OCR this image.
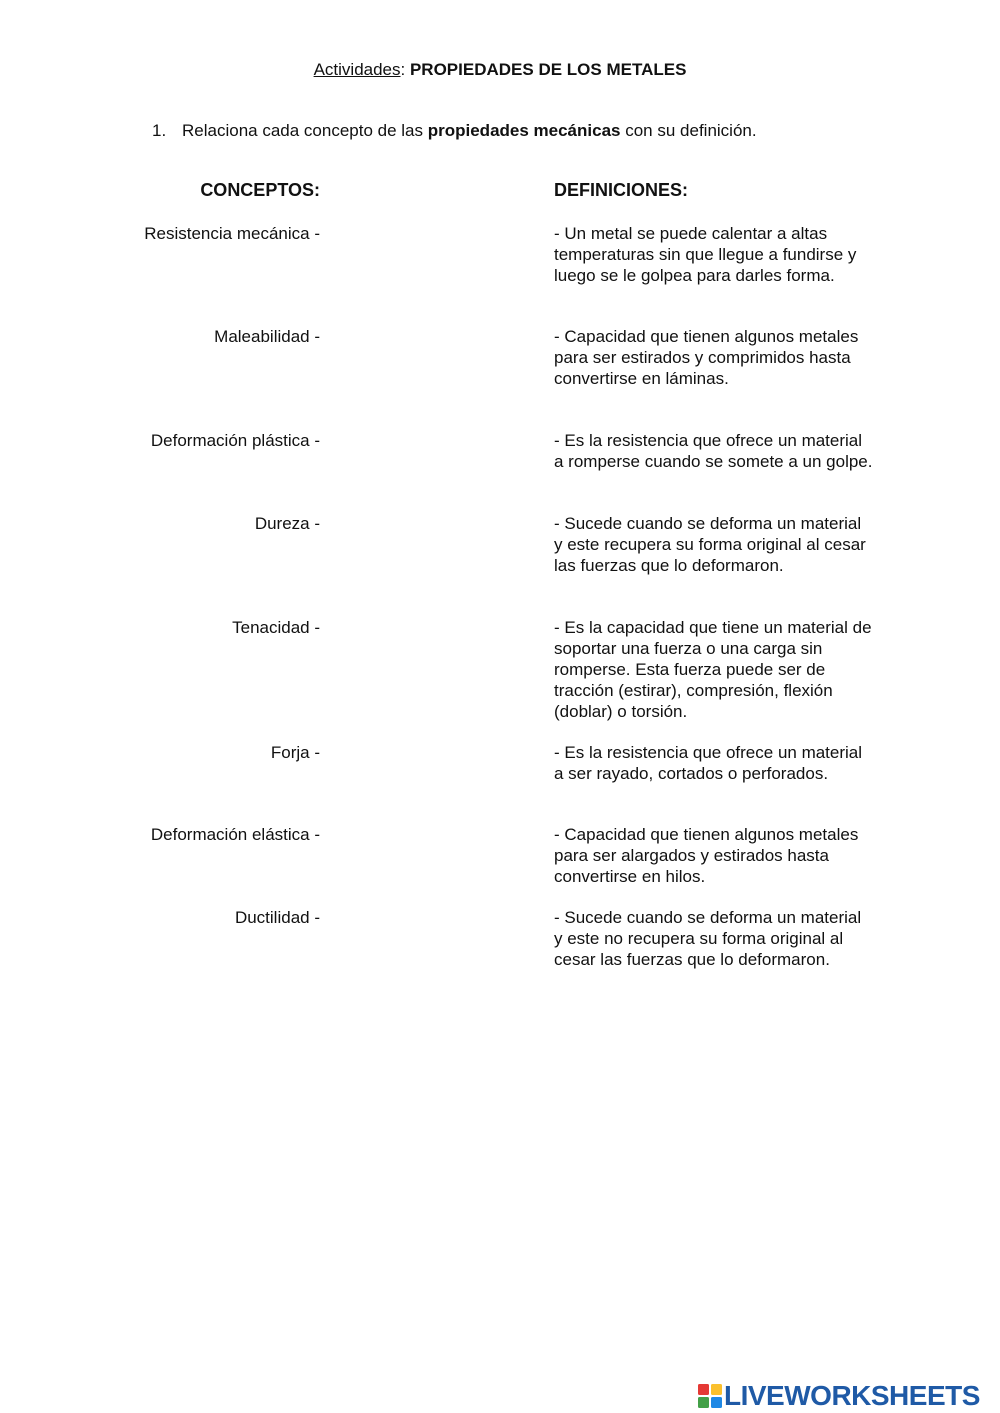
Actividades: PROPIEDADES DE LOS METALES
1. Relaciona cada concepto de las propiedades mecánicas con su definición.
CONCEPTOS:	DEFINICIONES:
Resistencia mecánica -
Maleabilidad -
Deformación plástica -
Dureza -
Tenacidad -
Forja -
Deformación elástica -
Ductilidad -
- Un metal se puede calentar a altas temperaturas sin que llegue a fundirse y luego se le golpea para darles forma.
- Capacidad que tienen algunos metales para ser estirados y comprimidos hasta convertirse en láminas.
- Es la resistencia que ofrece un material a romperse cuando se somete a un golpe.
- Sucede cuando se deforma un material y este recupera su forma original al cesar las fuerzas que lo deformaron.
- Es la capacidad que tiene un material de soportar una fuerza o una carga sin romperse. Esta fuerza puede ser de tracción (estirar), compresión, flexión (doblar) o torsión.
- Es la resistencia que ofrece un material a ser rayado, cortados o perforados.
- Capacidad que tienen algunos metales para ser alargados y estirados hasta convertirse en hilos.
- Sucede cuando se deforma un material y este no recupera su forma original al cesar las fuerzas que lo deformaron.
LIVEWORKSHEETS
